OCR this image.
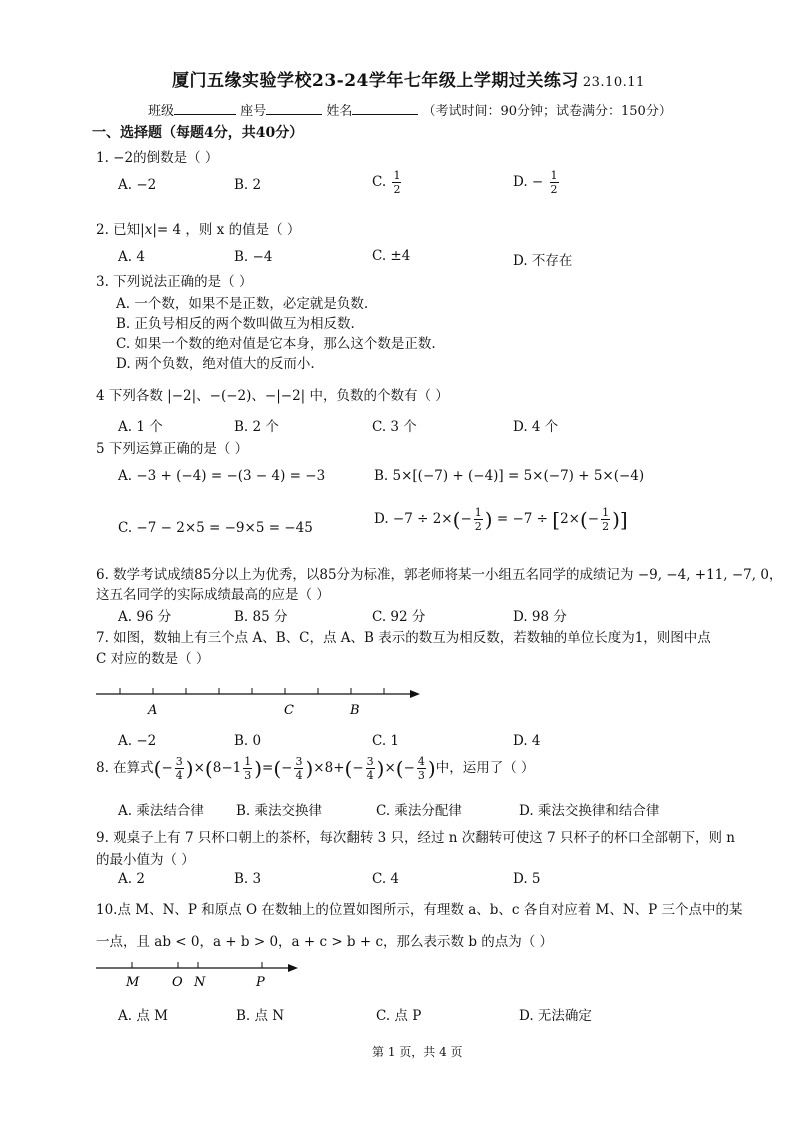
厦门五缘实验学校23-24学年七年级上学期过关练习 23.10.11
班级	座号	姓名	（考试时间：90分钟；试卷满分：150分）
一、选择题（每题4分，共40分）
1. −2的倒数是（ ）
A. −2	B. 2	C. $\frac{1}{2}$	D. − $\frac{1}{2}$
2. 已知|x|= 4 ，则 x 的值是（ ）
A. 4	B. −4	C. ±4	D. 不存在
3. 下列说法正确的是（ ）
A. 一个数，如果不是正数，必定就是负数.
B. 正负号相反的两个数叫做互为相反数.
C. 如果一个数的绝对值是它本身，那么这个数是正数.
D. 两个负数，绝对值大的反而小.
4 下列各数 |−2|、−(−2)、−|−2| 中，负数的个数有（ ）
A. 1 个	B. 2 个	C. 3 个	D. 4 个
5 下列运算正确的是（ ）
A. −3 + (−4) = −(3 − 4) = −3	B. 5×[(−7) + (−4)] = 5×(−7) + 5×(−4)
C. −7 − 2×5 = −9×5 = −45
D. $-7 \div 2\times(- \frac{1}{2}$ ) = $-7 \div [2\times(- \frac{1}{2}$ )]
6. 数学考试成绩85分以上为优秀，以85分为标准，郭老师将某一小组五名同学的成绩记为 −9, −4, +11, −7, 0，
这五名同学的实际成绩最高的应是（ ）
A. 96 分	B. 85 分	C. 92 分	D. 98 分
7. 如图，数轴上有三个点 A、B、C，点 A、B 表示的数互为相反数，若数轴的单位长度为1，则图中点
C 对应的数是（ ）
A	C	B
A. −2	B. 0	C. 1	D. 4
8. 在算式(− $\frac{3}{4} )\times(8-1 \frac{1}{3}$ )=(− $\frac{3}{4} )\times 8+(- \frac{3}{4}$ )×(− $\frac{4}{3}$ )中，运用了（ ）
A. 乘法结合律 B. 乘法交换律	C. 乘法分配律	D. 乘法交换律和结合律
9. 观桌子上有 7 只杯口朝上的茶杯，每次翻转 3 只，经过 n 次翻转可使这 7 只杯子的杯口全部朝下，则 n
的最小值为（ ）
A. 2	B. 3	C. 4	D. 5
10.点 M、N、P 和原点 O 在数轴上的位置如图所示，有理数 a、b、c 各自对应着 M、N、P 三个点中的某
一点，且 ab < 0，a + b > 0，a + c > b + c，那么表示数 b 的点为（ ）
M	O N	P
A. 点 M	B. 点 N	C. 点 P	D. 无法确定
第 1 页，共 4 页
